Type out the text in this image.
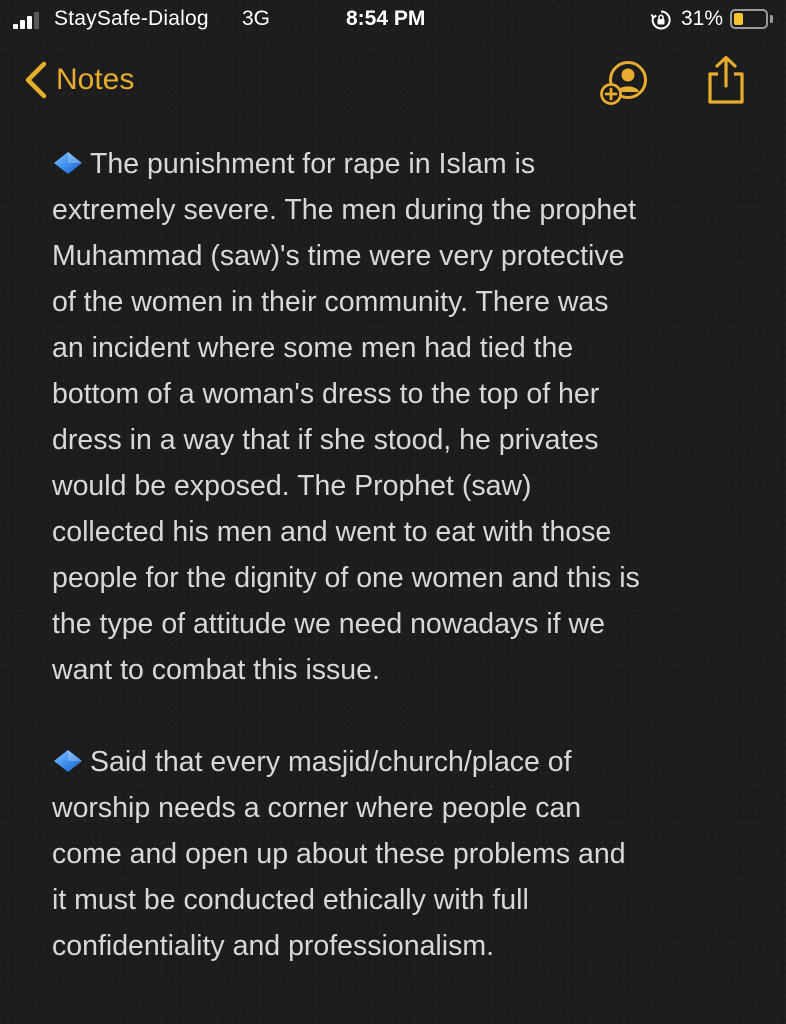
StaySafe-Dialog 3G	8:54 PM	31%
Notes
The punishment for rape in Islam is
extremely severe. The men during the prophet
Muhammad (saw)'s time were very protective
of the women in their community. There was
an incident where some men had tied the
bottom of a woman's dress to the top of her
dress in a way that if she stood, he privates
would be exposed. The Prophet (saw)
collected his men and went to eat with those
people for the dignity of one women and this is
the type of attitude we need nowadays if we
want to combat this issue.
Said that every masjid/church/place of
worship needs a corner where people can
come and open up about these problems and
it must be conducted ethically with full
confidentiality and professionalism.
